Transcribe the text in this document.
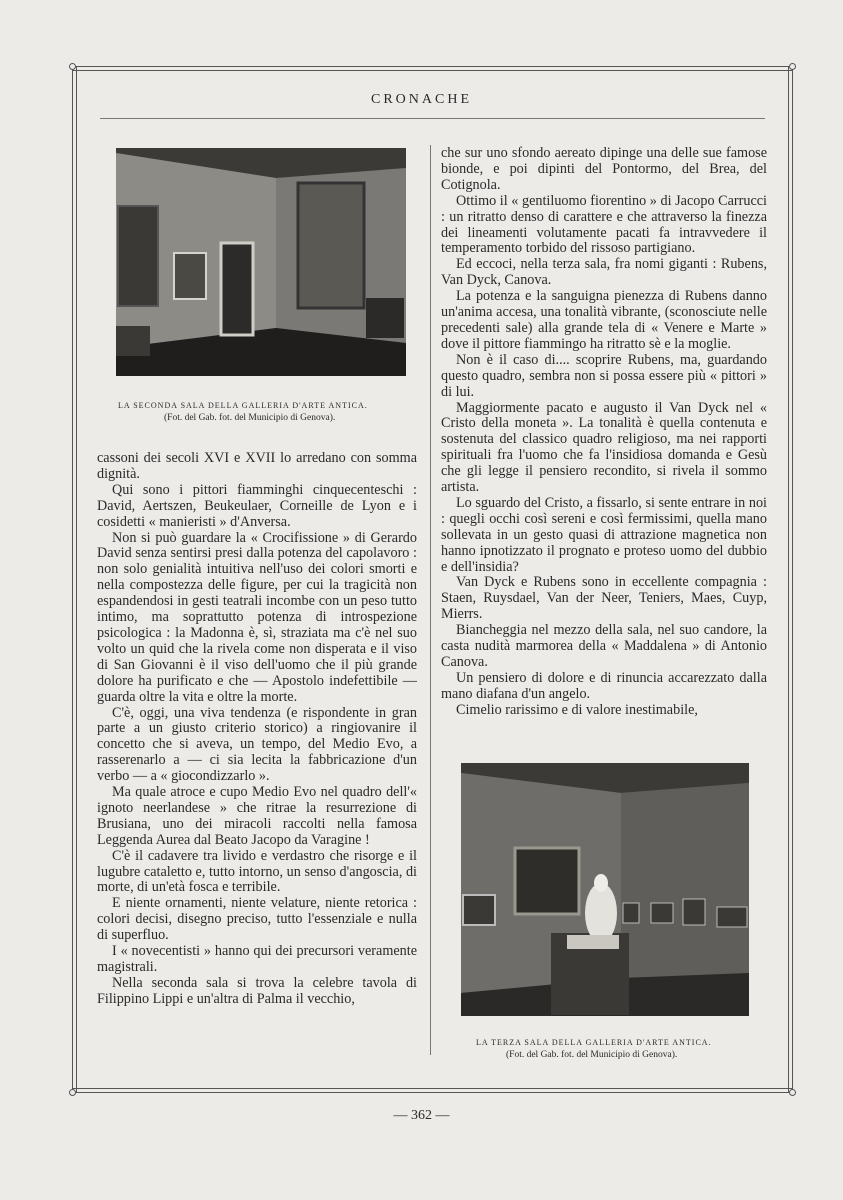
CRONACHE
LA SECONDA SALA DELLA GALLERIA D'ARTE ANTICA.
(Fot. del Gab. fot. del Municipio di Genova).

cassoni dei secoli XVI e XVII lo arredano con somma dignità.

Qui sono i pittori fiamminghi cinquecenteschi : David, Aertszen, Beukeulaer, Corneille de Lyon e i cosidetti « manieristi » d'Anversa.

Non si può guardare la « Crocifissione » di Gerardo David senza sentirsi presi dalla potenza del capolavoro : non solo genialità intuitiva nell'uso dei colori smorti e nella compostezza delle figure, per cui la tragicità non espandendosi in gesti teatrali incombe con un peso tutto intimo, ma soprattutto potenza di introspezione psicologica : la Madonna è, sì, straziata ma c'è nel suo volto un quid che la rivela come non disperata e il viso di San Giovanni è il viso dell'uomo che il più grande dolore ha purificato e che — Apostolo indefettibile — guarda oltre la vita e oltre la morte.

C'è, oggi, una viva tendenza (e rispondente in gran parte a un giusto criterio storico) a ringiovanire il concetto che si aveva, un tempo, del Medio Evo, a rasserenarlo a — ci sia lecita la fabbricazione d'un verbo — a « giocondizzarlo ».

Ma quale atroce e cupo Medio Evo nel quadro dell'« ignoto neerlandese » che ritrae la resurrezione di Brusiana, uno dei miracoli raccolti nella famosa Leggenda Aurea dal Beato Jacopo da Varagine !

C'è il cadavere tra livido e verdastro che risorge e il lugubre cataletto e, tutto intorno, un senso d'angoscia, di morte, di un'età fosca e terribile.

E niente ornamenti, niente velature, niente retorica : colori decisi, disegno preciso, tutto l'essenziale e nulla di superfluo.

I « novecentisti » hanno qui dei precursori veramente magistrali.

Nella seconda sala si trova la celebre tavola di Filippino Lippi e un'altra di Palma il vecchio,

che sur uno sfondo aereato dipinge una delle sue famose bionde, e poi dipinti del Pontormo, del Brea, del Cotignola.

Ottimo il « gentiluomo fiorentino » di Jacopo Carrucci : un ritratto denso di carattere e che attraverso la finezza dei lineamenti volutamente pacati fa intravvedere il temperamento torbido del rissoso partigiano.

Ed eccoci, nella terza sala, fra nomi giganti : Rubens, Van Dyck, Canova.

La potenza e la sanguigna pienezza di Rubens danno un'anima accesa, una tonalità vibrante, (sconosciute nelle precedenti sale) alla grande tela di « Venere e Marte » dove il pittore fiammingo ha ritratto sè e la moglie.

Non è il caso di.... scoprire Rubens, ma, guardando questo quadro, sembra non si possa essere più « pittori » di lui.

Maggiormente pacato e augusto il Van Dyck nel « Cristo della moneta ». La tonalità è quella contenuta e sostenuta del classico quadro religioso, ma nei rapporti spirituali fra l'uomo che fa l'insidiosa domanda e Gesù che gli legge il pensiero recondito, si rivela il sommo artista.

Lo sguardo del Cristo, a fissarlo, si sente entrare in noi : quegli occhi così sereni e così fermissimi, quella mano sollevata in un gesto quasi di attrazione magnetica non hanno ipnotizzato il prognato e proteso uomo del dubbio e dell'insidia?

Van Dyck e Rubens sono in eccellente compagnia : Staen, Ruysdael, Van der Neer, Teniers, Maes, Cuyp, Mierrs.

Biancheggia nel mezzo della sala, nel suo candore, la casta nudità marmorea della « Maddalena » di Antonio Canova.

Un pensiero di dolore e di rinuncia accarezzato dalla mano diafana d'un angelo.

Cimelio rarissimo e di valore inestimabile,

LA TERZA SALA DELLA GALLERIA D'ARTE ANTICA.
(Fot. del Gab. fot. del Municipio di Genova).
— 362 —
